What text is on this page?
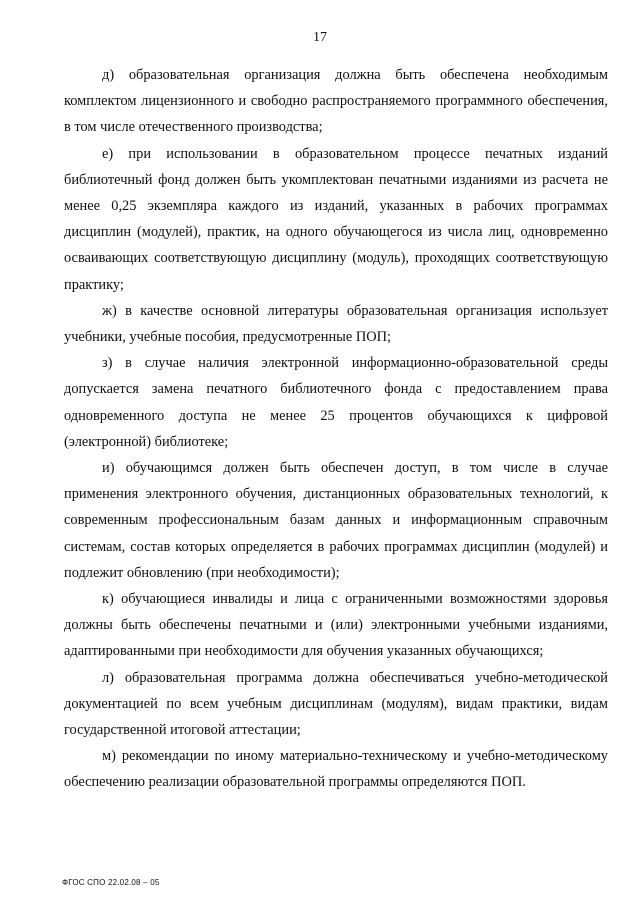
17

д) образовательная организация должна быть обеспечена необходимым комплектом лицензионного и свободно распространяемого программного обеспечения, в том числе отечественного производства;

е) при использовании в образовательном процессе печатных изданий библиотечный фонд должен быть укомплектован печатными изданиями из расчета не менее 0,25 экземпляра каждого из изданий, указанных в рабочих программах дисциплин (модулей), практик, на одного обучающегося из числа лиц, одновременно осваивающих соответствующую дисциплину (модуль), проходящих соответствующую практику;

ж) в качестве основной литературы образовательная организация использует учебники, учебные пособия, предусмотренные ПОП;

з) в случае наличия электронной информационно-образовательной среды допускается замена печатного библиотечного фонда с предоставлением права одновременного доступа не менее 25 процентов обучающихся к цифровой (электронной) библиотеке;

и) обучающимся должен быть обеспечен доступ, в том числе в случае применения электронного обучения, дистанционных образовательных технологий, к современным профессиональным базам данных и информационным справочным системам, состав которых определяется в рабочих программах дисциплин (модулей) и подлежит обновлению (при необходимости);

к) обучающиеся инвалиды и лица с ограниченными возможностями здоровья должны быть обеспечены печатными и (или) электронными учебными изданиями, адаптированными при необходимости для обучения указанных обучающихся;

л) образовательная программа должна обеспечиваться учебно-методической документацией по всем учебным дисциплинам (модулям), видам практики, видам государственной итоговой аттестации;

м) рекомендации по иному материально-техническому и учебно-методическому обеспечению реализации образовательной программы определяются ПОП.

ФГОС СПО 22.02.08 – 05
